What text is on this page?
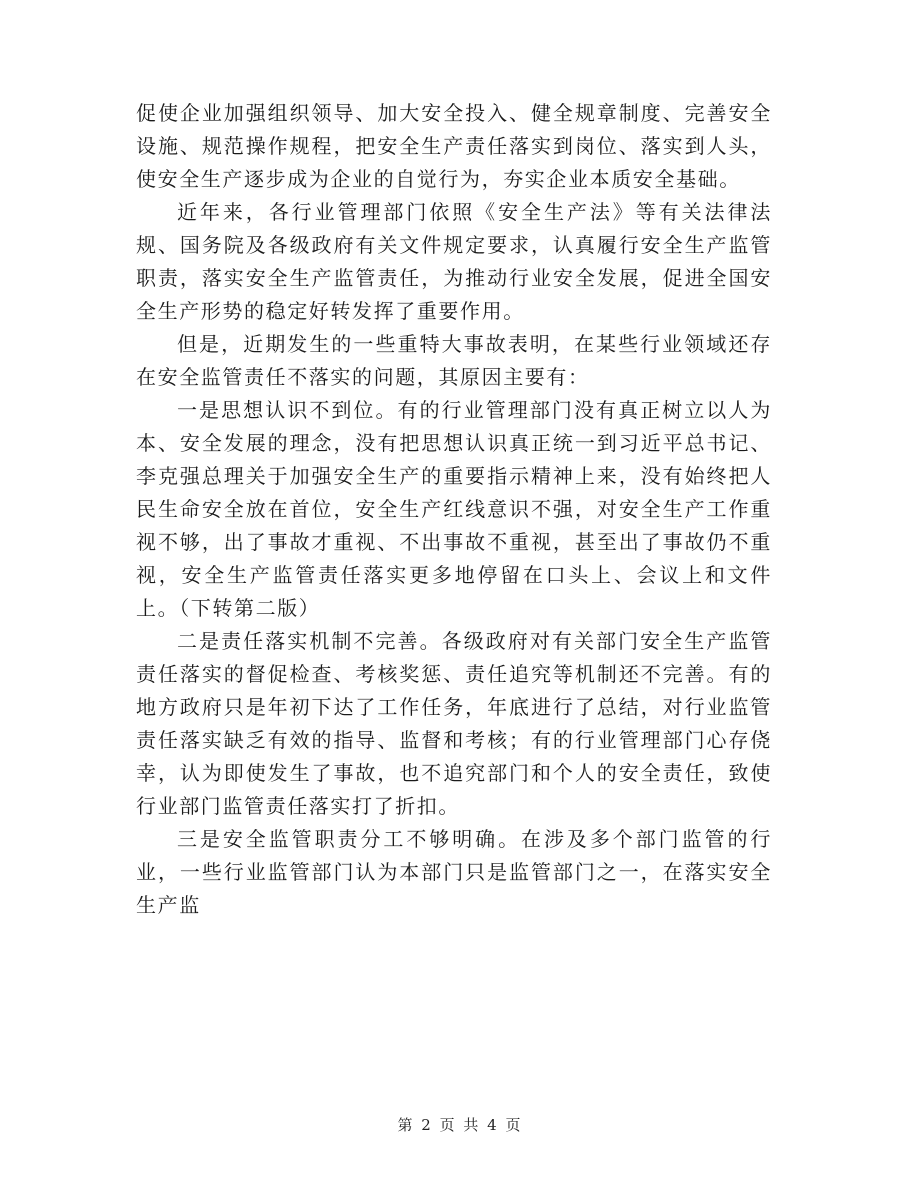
促使企业加强组织领导、加大安全投入、健全规章制度、完善安全设施、规范操作规程，把安全生产责任落实到岗位、落实到人头，使安全生产逐步成为企业的自觉行为，夯实企业本质安全基础。

近年来，各行业管理部门依照《安全生产法》等有关法律法规、国务院及各级政府有关文件规定要求，认真履行安全生产监管职责，落实安全生产监管责任，为推动行业安全发展，促进全国安全生产形势的稳定好转发挥了重要作用。

但是，近期发生的一些重特大事故表明，在某些行业领域还存在安全监管责任不落实的问题，其原因主要有：

一是思想认识不到位。有的行业管理部门没有真正树立以人为本、安全发展的理念，没有把思想认识真正统一到习近平总书记、李克强总理关于加强安全生产的重要指示精神上来，没有始终把人民生命安全放在首位，安全生产红线意识不强，对安全生产工作重视不够，出了事故才重视、不出事故不重视，甚至出了事故仍不重视，安全生产监管责任落实更多地停留在口头上、会议上和文件上。（下转第二版）

二是责任落实机制不完善。各级政府对有关部门安全生产监管责任落实的督促检查、考核奖惩、责任追究等机制还不完善。有的地方政府只是年初下达了工作任务，年底进行了总结，对行业监管责任落实缺乏有效的指导、监督和考核；有的行业管理部门心存侥幸，认为即使发生了事故，也不追究部门和个人的安全责任，致使行业部门监管责任落实打了折扣。

三是安全监管职责分工不够明确。在涉及多个部门监管的行业，一些行业监管部门认为本部门只是监管部门之一，在落实安全生产监

第 2 页 共 4 页
